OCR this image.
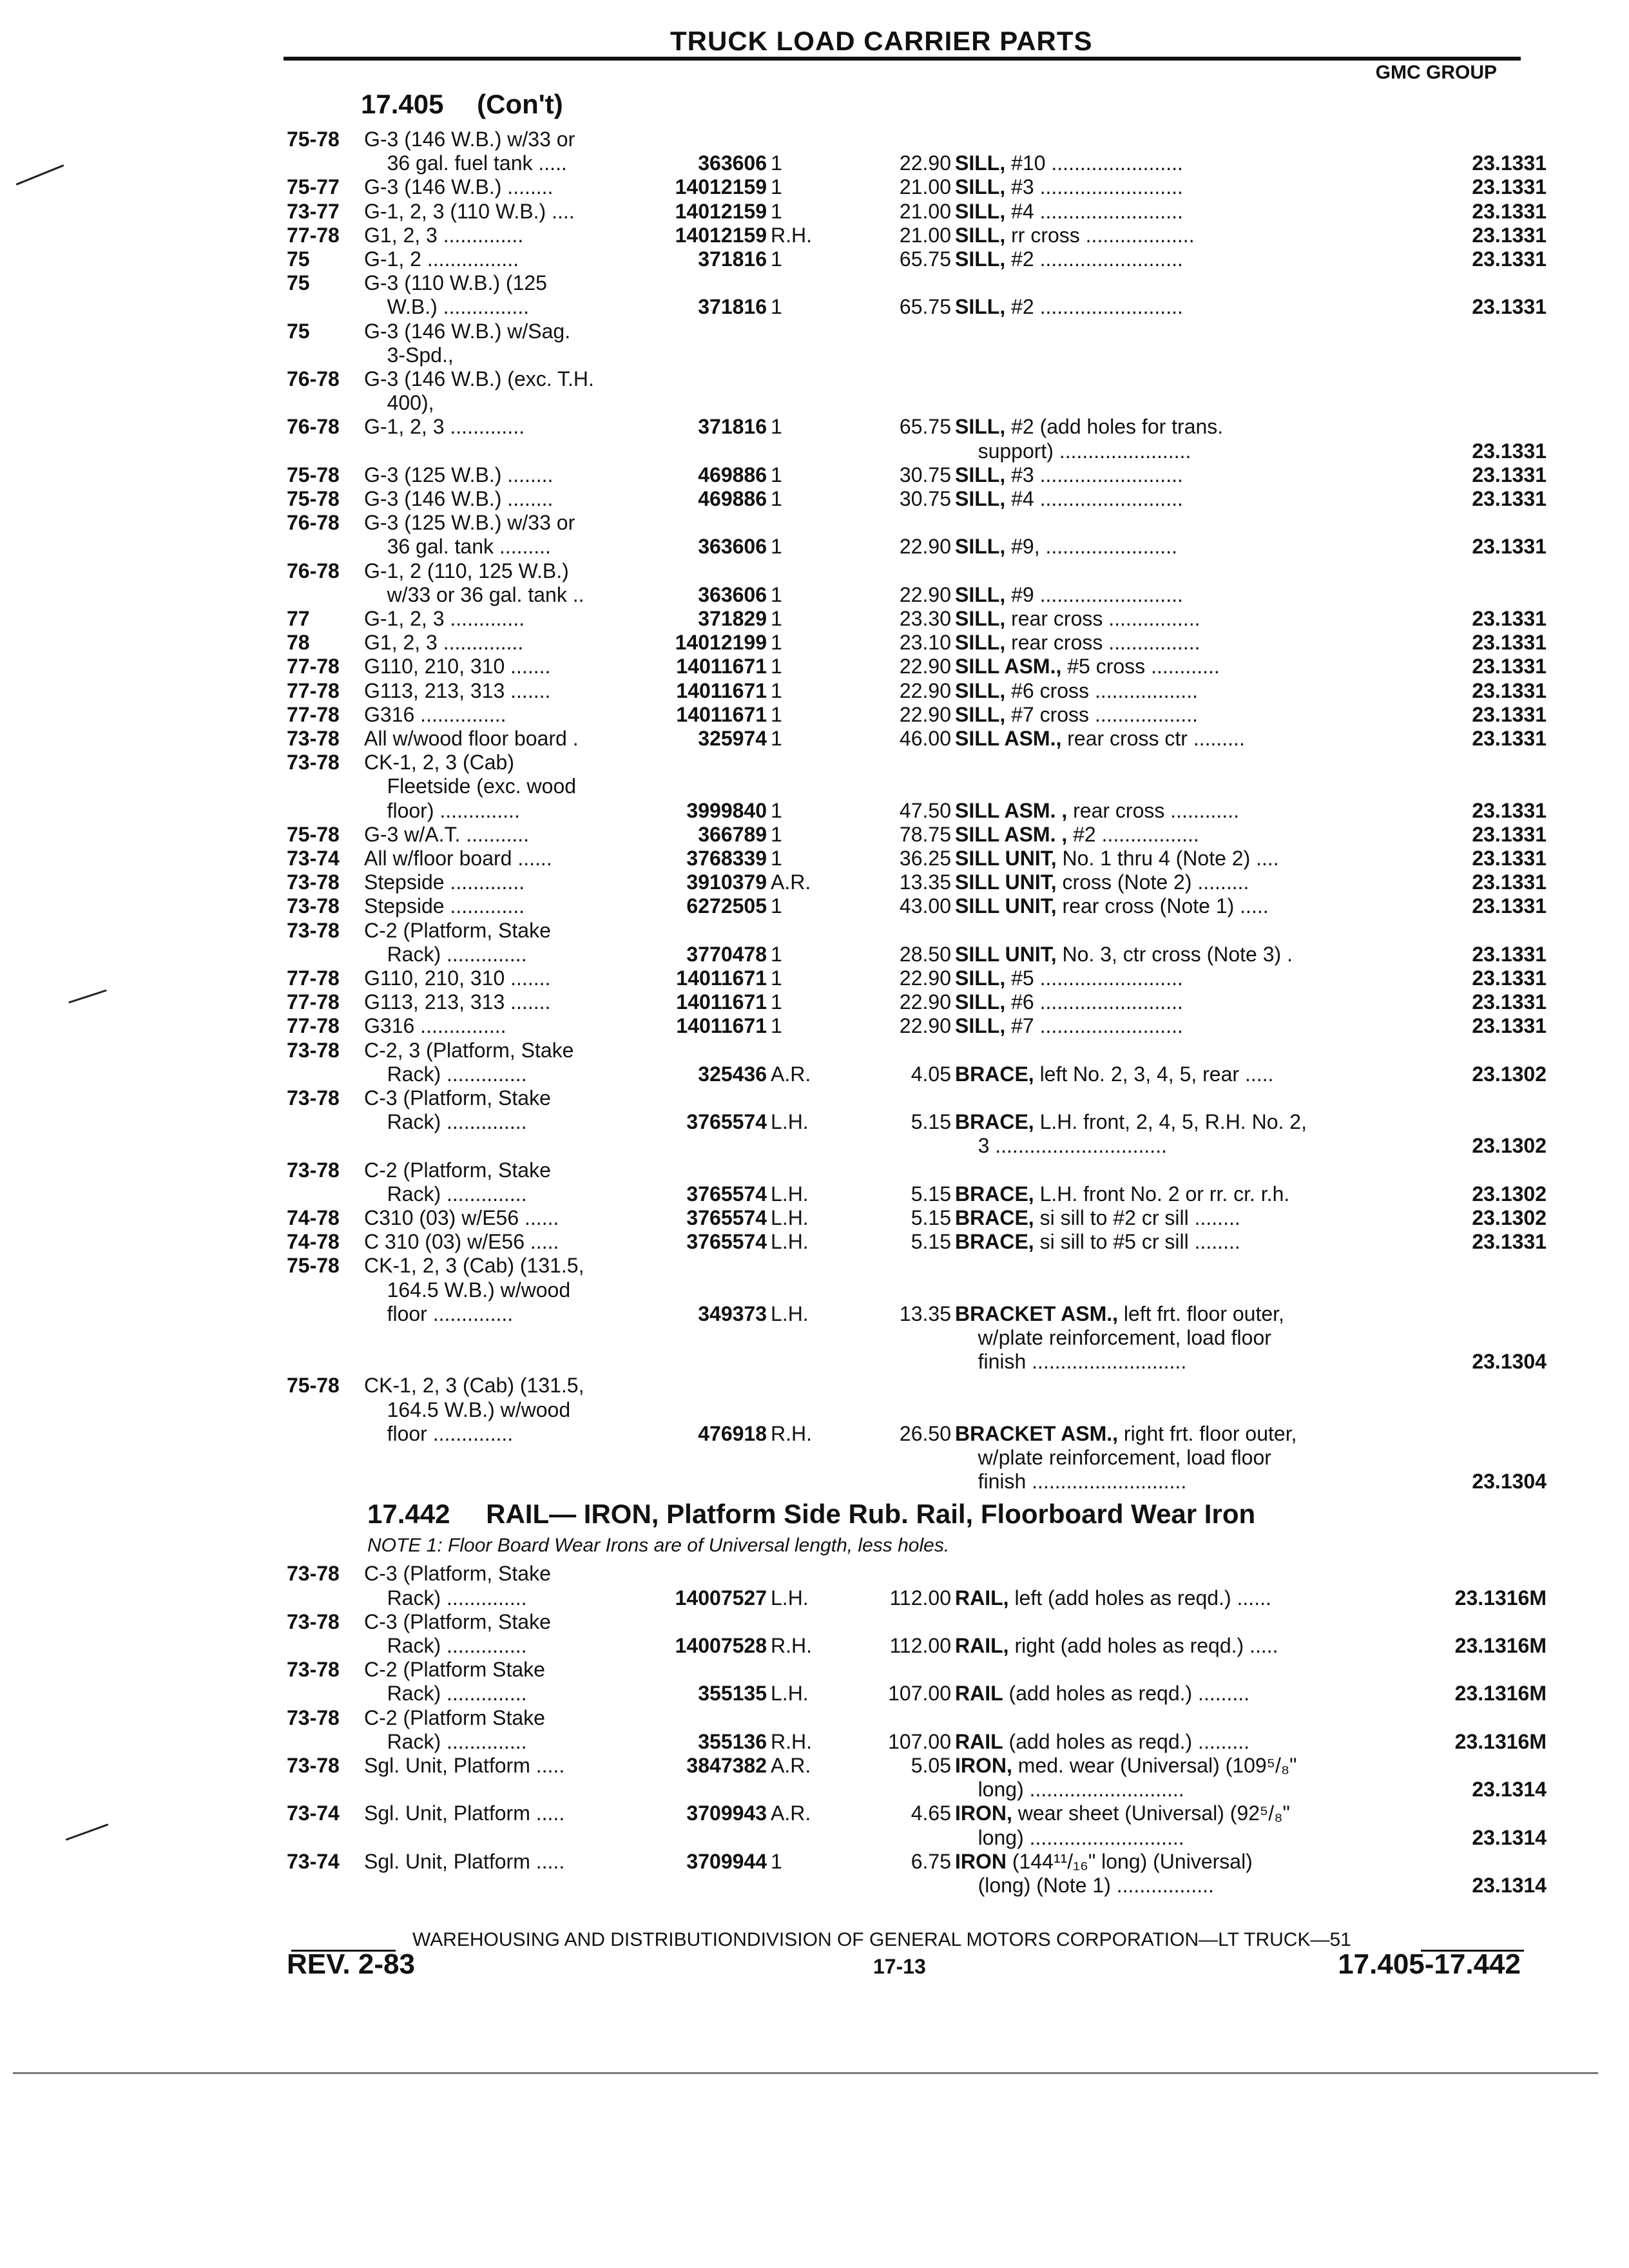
TRUCK LOAD CARRIER PARTS
GMC GROUP
17.405 (Con't)
75-78 G-3 (146 W.B.) w/33 or
36 gal. fuel tank .....	363606 1	22.90 SILL, #10 .......................	23.1331
75-77 G-3 (146 W.B.) ........	14012159 1	21.00 SILL, #3 .........................	23.1331
73-77 G-1, 2, 3 (110 W.B.) ....	14012159 1	21.00 SILL, #4 .........................	23.1331
77-78 G1, 2, 3 ..............	14012159 R.H.	21.00 SILL, rr cross ...................	23.1331
75	G-1, 2 ................	371816 1	65.75 SILL, #2 .........................	23.1331
75	G-3 (110 W.B.) (125
W.B.) ...............	371816 1	65.75 SILL, #2 .........................	23.1331
75	G-3 (146 W.B.) w/Sag.
3-Spd.,
76-78 G-3 (146 W.B.) (exc. T.H.
400),
76-78 G-1, 2, 3 .............	371816 1	65.75 SILL, #2 (add holes for trans.
support) .......................	23.1331
75-78 G-3 (125 W.B.) ........	469886 1	30.75 SILL, #3 .........................	23.1331
75-78 G-3 (146 W.B.) ........	469886 1	30.75 SILL, #4 .........................	23.1331
76-78 G-3 (125 W.B.) w/33 or
36 gal. tank .........	363606 1	22.90 SILL, #9, .......................	23.1331
76-78 G-1, 2 (110, 125 W.B.)
w/33 or 36 gal. tank ..	363606 1	22.90 SILL, #9 .........................
77	G-1, 2, 3 .............	371829 1	23.30 SILL, rear cross ................	23.1331
78	G1, 2, 3 ..............	14012199 1	23.10 SILL, rear cross ................	23.1331
77-78 G110, 210, 310 .......	14011671 1	22.90 SILL ASM., #5 cross ............	23.1331
77-78 G113, 213, 313 .......	14011671 1	22.90 SILL, #6 cross ..................	23.1331
77-78 G316 ...............	14011671 1	22.90 SILL, #7 cross ..................	23.1331
73-78 All w/wood floor board .	325974 1	46.00 SILL ASM., rear cross ctr .........	23.1331
73-78 CK-1, 2, 3 (Cab)
Fleetside (exc. wood
floor) ..............	3999840 1	47.50 SILL ASM. , rear cross ............	23.1331
75-78 G-3 w/A.T. ...........	366789 1	78.75 SILL ASM. , #2 .................	23.1331
73-74 All w/floor board ......	3768339 1	36.25 SILL UNIT, No. 1 thru 4 (Note 2) ....	23.1331
73-78 Stepside .............	3910379 A.R.	13.35 SILL UNIT, cross (Note 2) .........	23.1331
73-78 Stepside .............	6272505 1	43.00 SILL UNIT, rear cross (Note 1) .....	23.1331
73-78 C-2 (Platform, Stake
Rack) ..............	3770478 1	28.50 SILL UNIT, No. 3, ctr cross (Note 3) .	23.1331
77-78 G110, 210, 310 .......	14011671 1	22.90 SILL, #5 .........................	23.1331
77-78 G113, 213, 313 .......	14011671 1	22.90 SILL, #6 .........................	23.1331
77-78 G316 ...............	14011671 1	22.90 SILL, #7 .........................	23.1331
73-78 C-2, 3 (Platform, Stake
Rack) ..............	325436 A.R.	4.05 BRACE, left No. 2, 3, 4, 5, rear .....	23.1302
73-78 C-3 (Platform, Stake
Rack) ..............	3765574 L.H.	5.15 BRACE, L.H. front, 2, 4, 5, R.H. No. 2,
3 ..............................	23.1302
73-78 C-2 (Platform, Stake
Rack) ..............	3765574 L.H.	5.15 BRACE, L.H. front No. 2 or rr. cr. r.h.	23.1302
74-78 C310 (03) w/E56 ......	3765574 L.H.	5.15 BRACE, si sill to #2 cr sill ........	23.1302
74-78 C 310 (03) w/E56 .....	3765574 L.H.	5.15 BRACE, si sill to #5 cr sill ........	23.1331
75-78 CK-1, 2, 3 (Cab) (131.5,
164.5 W.B.) w/wood
floor ..............	349373 L.H.	13.35 BRACKET ASM., left frt. floor outer,
w/plate reinforcement, load floor
finish ...........................	23.1304
75-78 CK-1, 2, 3 (Cab) (131.5,
164.5 W.B.) w/wood
floor ..............	476918 R.H.	26.50 BRACKET ASM., right frt. floor outer,
w/plate reinforcement, load floor
finish ...........................	23.1304
17.442 RAIL— IRON, Platform Side Rub. Rail, Floorboard Wear Iron
NOTE 1: Floor Board Wear Irons are of Universal length, less holes.
73-78 C-3 (Platform, Stake
Rack) ..............	14007527 L.H.	112.00 RAIL, left (add holes as reqd.) ......	23.1316M
73-78 C-3 (Platform, Stake
Rack) ..............	14007528 R.H.	112.00 RAIL, right (add holes as reqd.) .....	23.1316M
73-78 C-2 (Platform Stake
Rack) ..............	355135 L.H.	107.00 RAIL (add holes as reqd.) .........	23.1316M
73-78 C-2 (Platform Stake
Rack) ..............	355136 R.H.	107.00 RAIL (add holes as reqd.) .........	23.1316M
73-78 Sgl. Unit, Platform .....	3847382 A.R.	5.05 IRON, med. wear (Universal) (109⁵/₈"
long) ...........................	23.1314
73-74 Sgl. Unit, Platform .....	3709943 A.R.	4.65 IRON, wear sheet (Universal) (92⁵/₈"
long) ...........................	23.1314
73-74 Sgl. Unit, Platform .....	3709944 1	6.75 IRON (144¹¹/₁₆" long) (Universal)
(long) (Note 1) .................	23.1314
WAREHOUSING AND DISTRIBUTIONDIVISION OF GENERAL MOTORS CORPORATION—LT TRUCK—51
REV. 2-83	17-13	17.405-17.442
